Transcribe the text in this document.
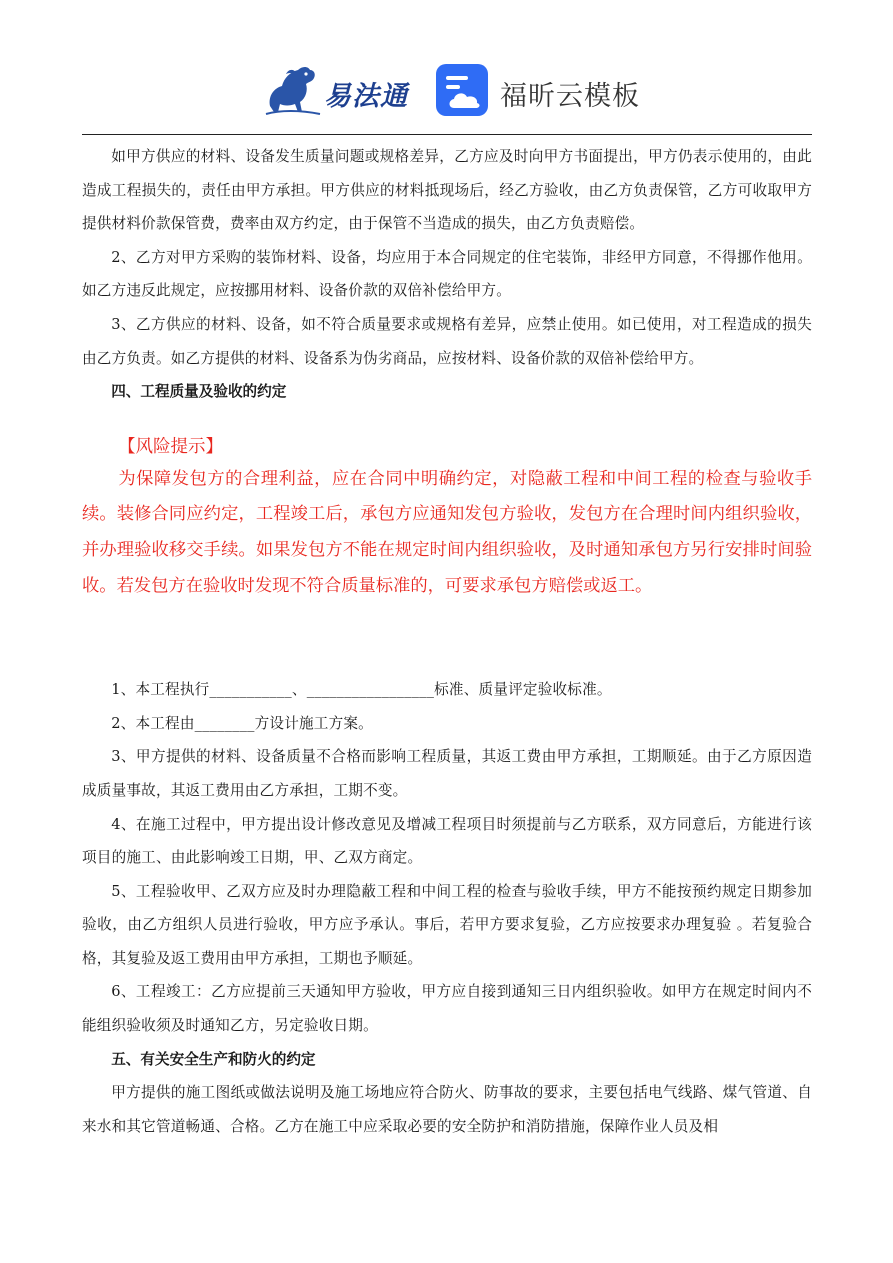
易法通	福昕云模板

如甲方供应的材料、设备发生质量问题或规格差异，乙方应及时向甲方书面提出，甲方仍表示使用的，由此造成工程损失的，责任由甲方承担。甲方供应的材料抵现场后，经乙方验收，由乙方负责保管，乙方可收取甲方提供材料价款保管费，费率由双方约定，由于保管不当造成的损失，由乙方负责赔偿。

2、乙方对甲方采购的装饰材料、设备，均应用于本合同规定的住宅装饰，非经甲方同意，不得挪作他用。如乙方违反此规定，应按挪用材料、设备价款的双倍补偿给甲方。

3、乙方供应的材料、设备，如不符合质量要求或规格有差异，应禁止使用。如已使用，对工程造成的损失由乙方负责。如乙方提供的材料、设备系为伪劣商品，应按材料、设备价款的双倍补偿给甲方。

四、工程质量及验收的约定

【风险提示】

为保障发包方的合理利益，应在合同中明确约定，对隐蔽工程和中间工程的检查与验收手续。装修合同应约定，工程竣工后，承包方应通知发包方验收，发包方在合理时间内组织验收，并办理验收移交手续。如果发包方不能在规定时间内组织验收，及时通知承包方另行安排时间验收。若发包方在验收时发现不符合质量标准的，可要求承包方赔偿或返工。

1、本工程执行___________、_________________标准、质量评定验收标准。

2、本工程由________方设计施工方案。

3、甲方提供的材料、设备质量不合格而影响工程质量，其返工费由甲方承担，工期顺延。由于乙方原因造成质量事故，其返工费用由乙方承担，工期不变。

4、在施工过程中，甲方提出设计修改意见及增减工程项目时须提前与乙方联系，双方同意后，方能进行该项目的施工、由此影响竣工日期，甲、乙双方商定。

5、工程验收甲、乙双方应及时办理隐蔽工程和中间工程的检查与验收手续，甲方不能按预约规定日期参加验收，由乙方组织人员进行验收，甲方应予承认。事后，若甲方要求复验，乙方应按要求办理复验 。若复验合格，其复验及返工费用由甲方承担，工期也予顺延。

6、工程竣工：乙方应提前三天通知甲方验收，甲方应自接到通知三日内组织验收。如甲方在规定时间内不能组织验收须及时通知乙方，另定验收日期。

五、有关安全生产和防火的约定

甲方提供的施工图纸或做法说明及施工场地应符合防火、防事故的要求，主要包括电气线路、煤气管道、自来水和其它管道畅通、合格。乙方在施工中应采取必要的安全防护和消防措施，保障作业人员及相
